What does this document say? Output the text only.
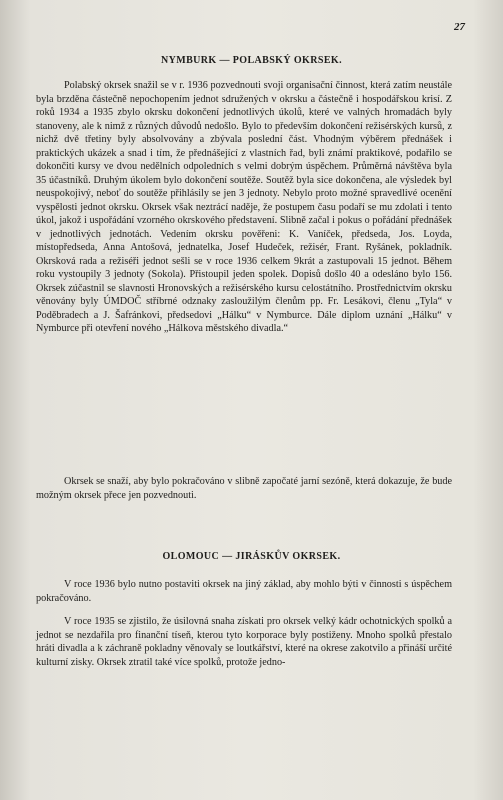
27
NYMBURK — POLABSKÝ OKRSEK.

Polabský okrsek snažil se v r. 1936 pozvednouti svoji organisační činnost, která zatím neustále byla brzděna částečně nepochopením jednot sdružených v okrsku a částečně i hospodářskou krisí. Z roků 1934 a 1935 zbylo okrsku dokončení jednotlivých úkolů, které ve valných hromadách byly stanoveny, ale k nimž z různých důvodů nedošlo. Bylo to především dokončení režisérských kursů, z nichž dvě třetiny byly absolvovány a zbývala poslední část. Vhodným výběrem přednášek i praktických ukázek a snad i tím, že přednášející z vlastních řad, byli známí praktikové, podařilo se dokončiti kursy ve dvou nedělních odpoledních s velmi dobrým úspěchem. Průměrná návštěva byla 35 účastníků. Druhým úkolem bylo dokončení soutěže. Soutěž byla sice dokončena, ale výsledek byl neuspokojivý, neboť do soutěže přihlásily se jen 3 jednoty. Nebylo proto možné spravedlivé ocenění vyspělosti jednot okrsku. Okrsek však neztrácí naděje, že postupem času podaří se mu zdolati i tento úkol, jakož i uspořádání vzorného okrskového představení. Slibně začal i pokus o pořádání přednášek v jednotlivých jednotách. Vedením okrsku pověřeni: K. Vaníček, předseda, Jos. Loyda, místopředseda, Anna Antošová, jednatelka, Josef Hudeček, režisér, Frant. Ryšánek, pokladník. Okrsková rada a režiséři jednot sešli se v roce 1936 celkem 9krát a zastupovali 15 jednot. Během roku vystoupily 3 jednoty (Sokola). Přistoupil jeden spolek. Dopisů došlo 40 a odesláno bylo 156. Okrsek zúčastnil se slavnosti Hronovských a režisérského kursu celostátního. Prostřednictvím okrsku věnovány byly ÚMDOČ stříbrné odznaky zasloužilým členům pp. Fr. Lesákovi, členu „Tyla“ v Poděbradech a J. Šafránkovi, předsedovi „Hálku“ v Nymburce. Dále diplom uznání „Hálku“ v Nymburce při otevření nového „Hálkova městského divadla.“

Okrsek se snaží, aby bylo pokračováno v slibně započaté jarní sezóně, která dokazuje, že bude možným okrsek přece jen pozvednouti.

OLOMOUC — JIRÁSKŮV OKRSEK.

V roce 1936 bylo nutno postaviti okrsek na jiný základ, aby mohlo býti v činnosti s úspěchem pokračováno.

V roce 1935 se zjistilo, že úsilovná snaha získati pro okrsek velký kádr ochotnických spolků a jednot se nezdařila pro finanční tíseň, kterou tyto korporace byly postiženy. Mnoho spolků přestalo hráti divadla a k záchraně pokladny věnovaly se loutkářství, které na okrese zakotvilo a přináší určité kulturní zisky. Okrsek ztratil také více spolků, protože jedno-
